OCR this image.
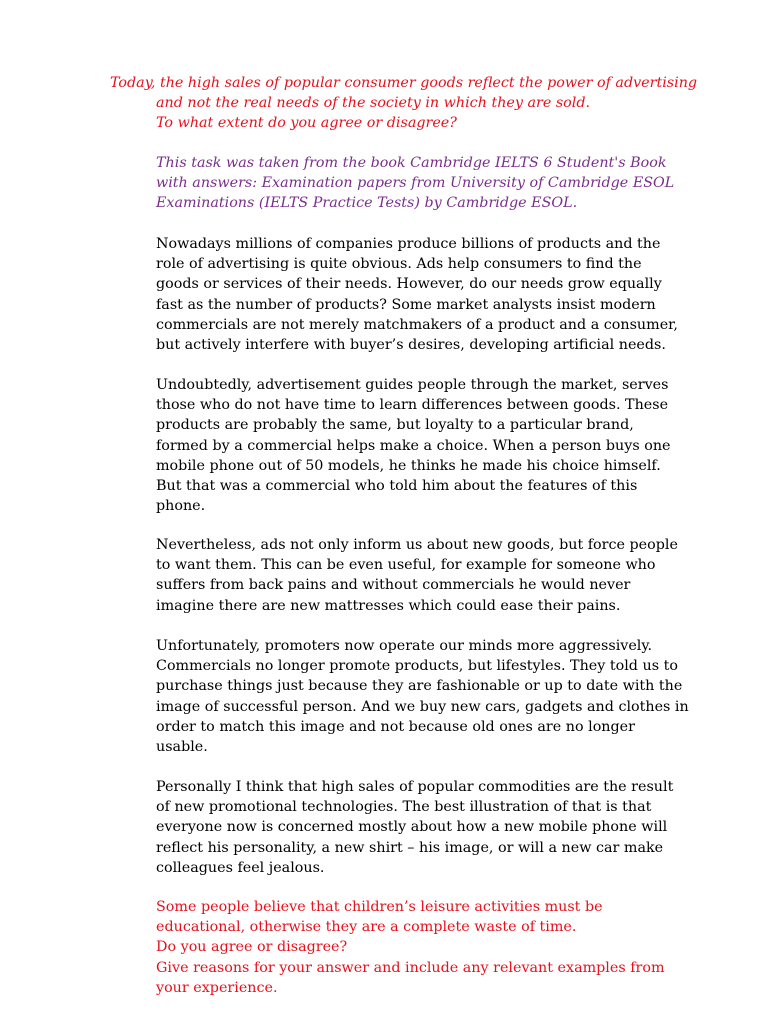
Today, the high sales of popular consumer goods reflect the power of advertising
and not the real needs of the society in which they are sold.
To what extent do you agree or disagree?
This task was taken from the book Cambridge IELTS 6 Student's Book
with answers: Examination papers from University of Cambridge ESOL
Examinations (IELTS Practice Tests) by Cambridge ESOL.
Nowadays millions of companies produce billions of products and the
role of advertising is quite obvious. Ads help consumers to find the
goods or services of their needs. However, do our needs grow equally
fast as the number of products? Some market analysts insist modern
commercials are not merely matchmakers of a product and a consumer,
but actively interfere with buyer’s desires, developing artificial needs.
Undoubtedly, advertisement guides people through the market, serves
those who do not have time to learn differences between goods. These
products are probably the same, but loyalty to a particular brand,
formed by a commercial helps make a choice. When a person buys one
mobile phone out of 50 models, he thinks he made his choice himself.
But that was a commercial who told him about the features of this
phone.
Nevertheless, ads not only inform us about new goods, but force people
to want them. This can be even useful, for example for someone who
suffers from back pains and without commercials he would never
imagine there are new mattresses which could ease their pains.
Unfortunately, promoters now operate our minds more aggressively.
Commercials no longer promote products, but lifestyles. They told us to
purchase things just because they are fashionable or up to date with the
image of successful person. And we buy new cars, gadgets and clothes in
order to match this image and not because old ones are no longer
usable.
Personally I think that high sales of popular commodities are the result
of new promotional technologies. The best illustration of that is that
everyone now is concerned mostly about how a new mobile phone will
reflect his personality, a new shirt – his image, or will a new car make
colleagues feel jealous.
Some people believe that children’s leisure activities must be
educational, otherwise they are a complete waste of time.
Do you agree or disagree?
Give reasons for your answer and include any relevant examples from
your experience.
